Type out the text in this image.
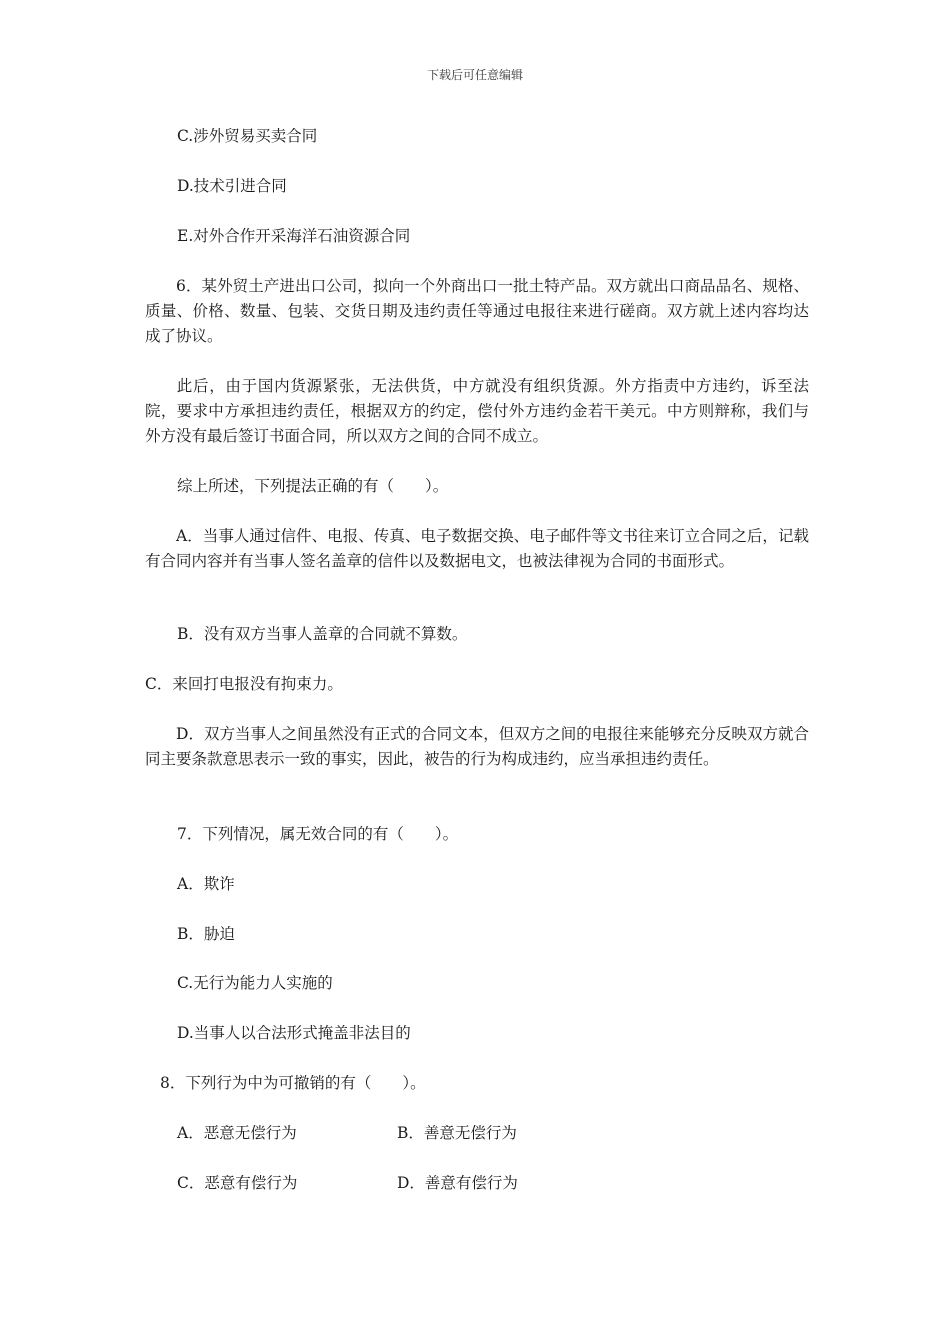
下载后可任意编辑
C.涉外贸易买卖合同
D.技术引进合同
E.对外合作开采海洋石油资源合同
6．某外贸土产进出口公司，拟向一个外商出口一批土特产品。双方就出口商品品名、规格、质量、价格、数量、包装、交货日期及违约责任等通过电报往来进行磋商。双方就上述内容均达成了协议。
此后，由于国内货源紧张，无法供货，中方就没有组织货源。外方指责中方违约，诉至法院，要求中方承担违约责任，根据双方的约定，偿付外方违约金若干美元。中方则辩称，我们与外方没有最后签订书面合同，所以双方之间的合同不成立。
综上所述，下列提法正确的有（　　）。
A．当事人通过信件、电报、传真、电子数据交换、电子邮件等文书往来订立合同之后，记载有合同内容并有当事人签名盖章的信件以及数据电文，也被法律视为合同的书面形式。
B．没有双方当事人盖章的合同就不算数。
C．来回打电报没有拘束力。
D．双方当事人之间虽然没有正式的合同文本，但双方之间的电报往来能够充分反映双方就合同主要条款意思表示一致的事实，因此，被告的行为构成违约，应当承担违约责任。
7．下列情况，属无效合同的有（　　）。
A．欺诈
B．胁迫
C.无行为能力人实施的
D.当事人以合法形式掩盖非法目的
8．下列行为中为可撤销的有（　　）。
A．恶意无偿行为	B．善意无偿行为
C．恶意有偿行为	D．善意有偿行为
